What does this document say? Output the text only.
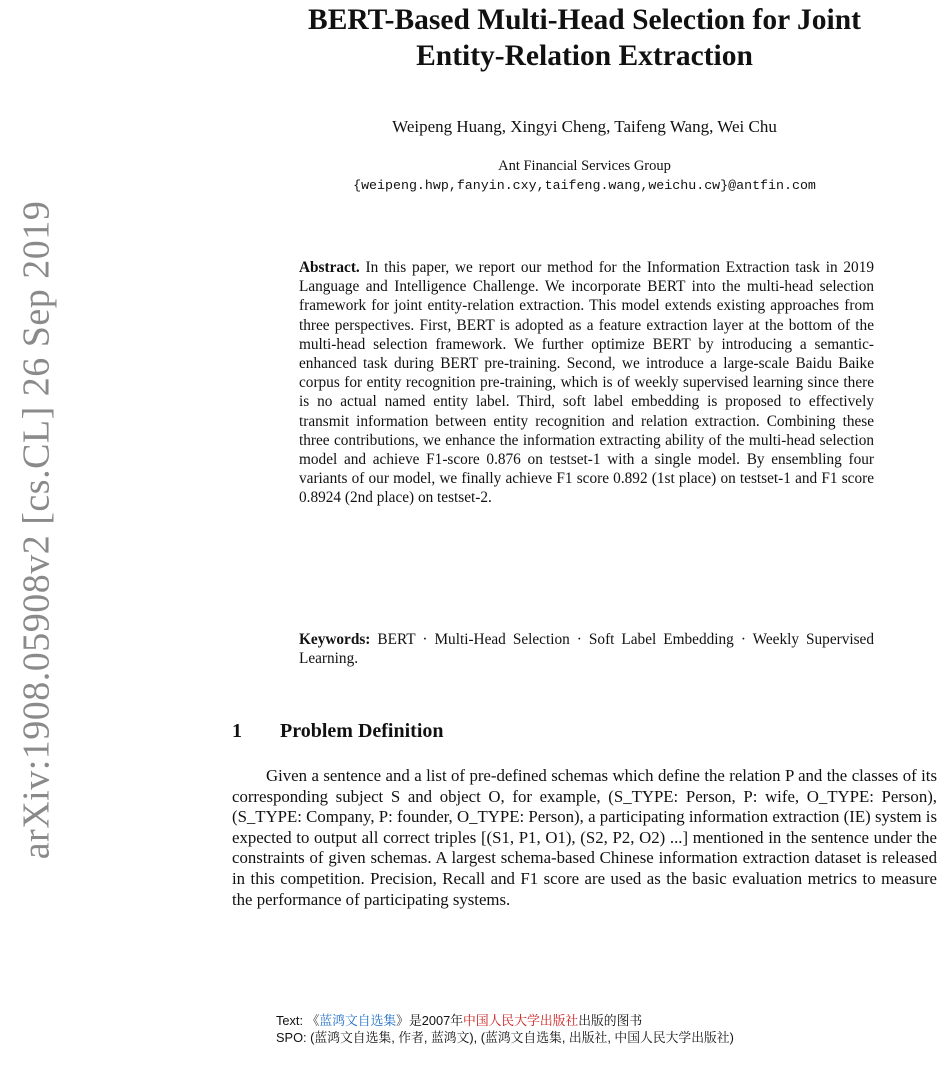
arXiv:1908.05908v2 [cs.CL] 26 Sep 2019
BERT-Based Multi-Head Selection for Joint
Entity-Relation Extraction
Weipeng Huang, Xingyi Cheng, Taifeng Wang, Wei Chu
Ant Financial Services Group
{weipeng.hwp,fanyin.cxy,taifeng.wang,weichu.cw}@antfin.com
Abstract. In this paper, we report our method for the Information Extraction task in 2019 Language and Intelligence Challenge. We incorporate BERT into the multi-head selection framework for joint entity-relation extraction. This model extends existing approaches from three perspectives. First, BERT is adopted as a feature extraction layer at the bottom of the multi-head selection framework. We further optimize BERT by introducing a semantic-enhanced task during BERT pre-training. Second, we introduce a large-scale Baidu Baike corpus for entity recognition pre-training, which is of weekly supervised learning since there is no actual named entity label. Third, soft label embedding is proposed to effectively transmit information between entity recognition and relation extraction. Combining these three contributions, we enhance the information extracting ability of the multi-head selection model and achieve F1-score 0.876 on testset-1 with a single model. By ensembling four variants of our model, we finally achieve F1 score 0.892 (1st place) on testset-1 and F1 score 0.8924 (2nd place) on testset-2.
Keywords: BERT · Multi-Head Selection · Soft Label Embedding · Weekly Supervised Learning.
1 Problem Definition
Given a sentence and a list of pre-defined schemas which define the relation P and the classes of its corresponding subject S and object O, for example, (S_TYPE: Person, P: wife, O_TYPE: Person), (S_TYPE: Company, P: founder, O_TYPE: Person), a participating information extraction (IE) system is expected to output all correct triples [(S1, P1, O1), (S2, P2, O2) ...] mentioned in the sentence under the constraints of given schemas. A largest schema-based Chinese information extraction dataset is released in this competition. Precision, Recall and F1 score are used as the basic evaluation metrics to measure the performance of participating systems.
Text: 《蓝鸿文自选集》是2007年中国人民大学出版社出版的图书
SPO: (蓝鸿文自选集, 作者, 蓝鸿文), (蓝鸿文自选集, 出版社, 中国人民大学出版社)
